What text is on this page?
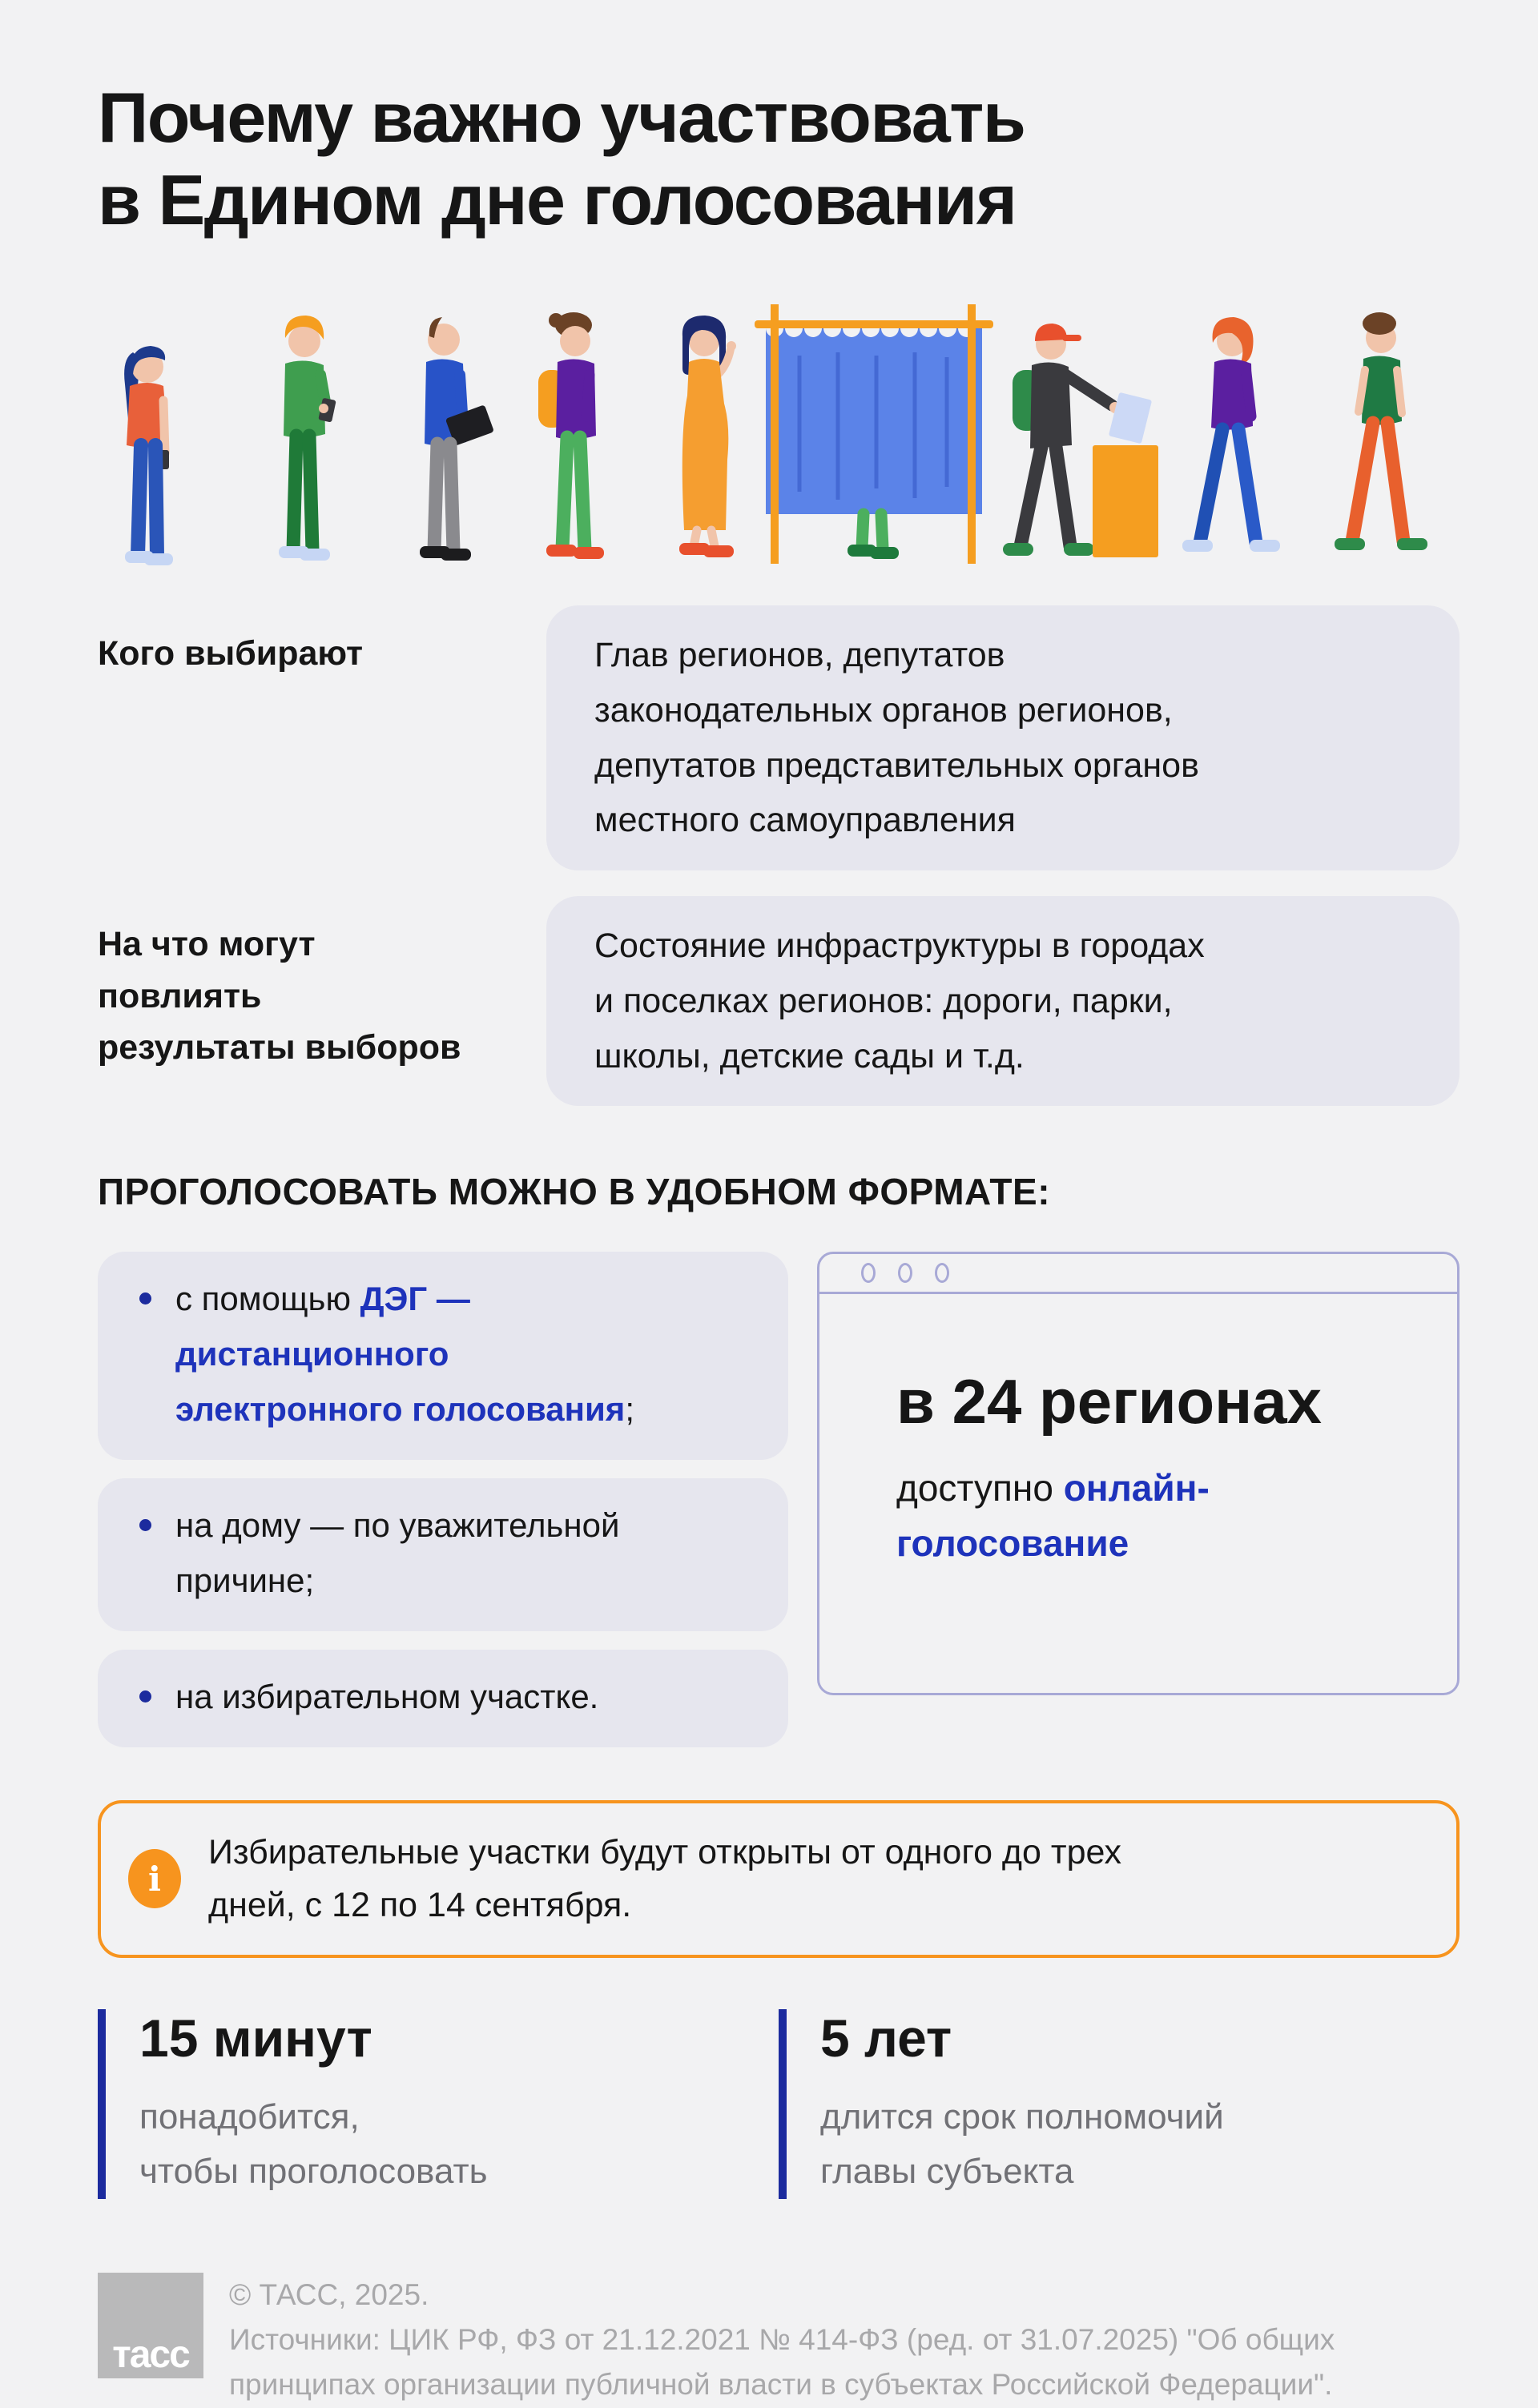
Почему важно участвовать
в Едином дне голосования
Кого выбирают	Глав регионов, депутатов
законодательных органов регионов,
депутатов представительных органов
местного самоуправления
На что могут
повлиять
результаты выборов
Состояние инфраструктуры в городах
и поселках регионов: дороги, парки,
школы, детские сады и т.д.
ПРОГОЛОСОВАТЬ МОЖНО В УДОБНОМ ФОРМАТЕ:
с помощью ДЭГ —
дистанционного
электронного голосования;
на дому — по уважительной
причине;
на избирательном участке.
в 24 регионах
доступно онлайн-
голосование
i
Избирательные участки будут открыты от одного до трех
дней, с 12 по 14 сентября.
15 минут
понадобится,
чтобы проголосовать
5 лет
длится срок полномочий
главы субъекта
тасс
© ТАСС, 2025.
Источники: ЦИК РФ, ФЗ от 21.12.2021 № 414-ФЗ (ред. от 31.07.2025) "Об общих
принципах организации публичной власти в субъектах Российской Федерации".
